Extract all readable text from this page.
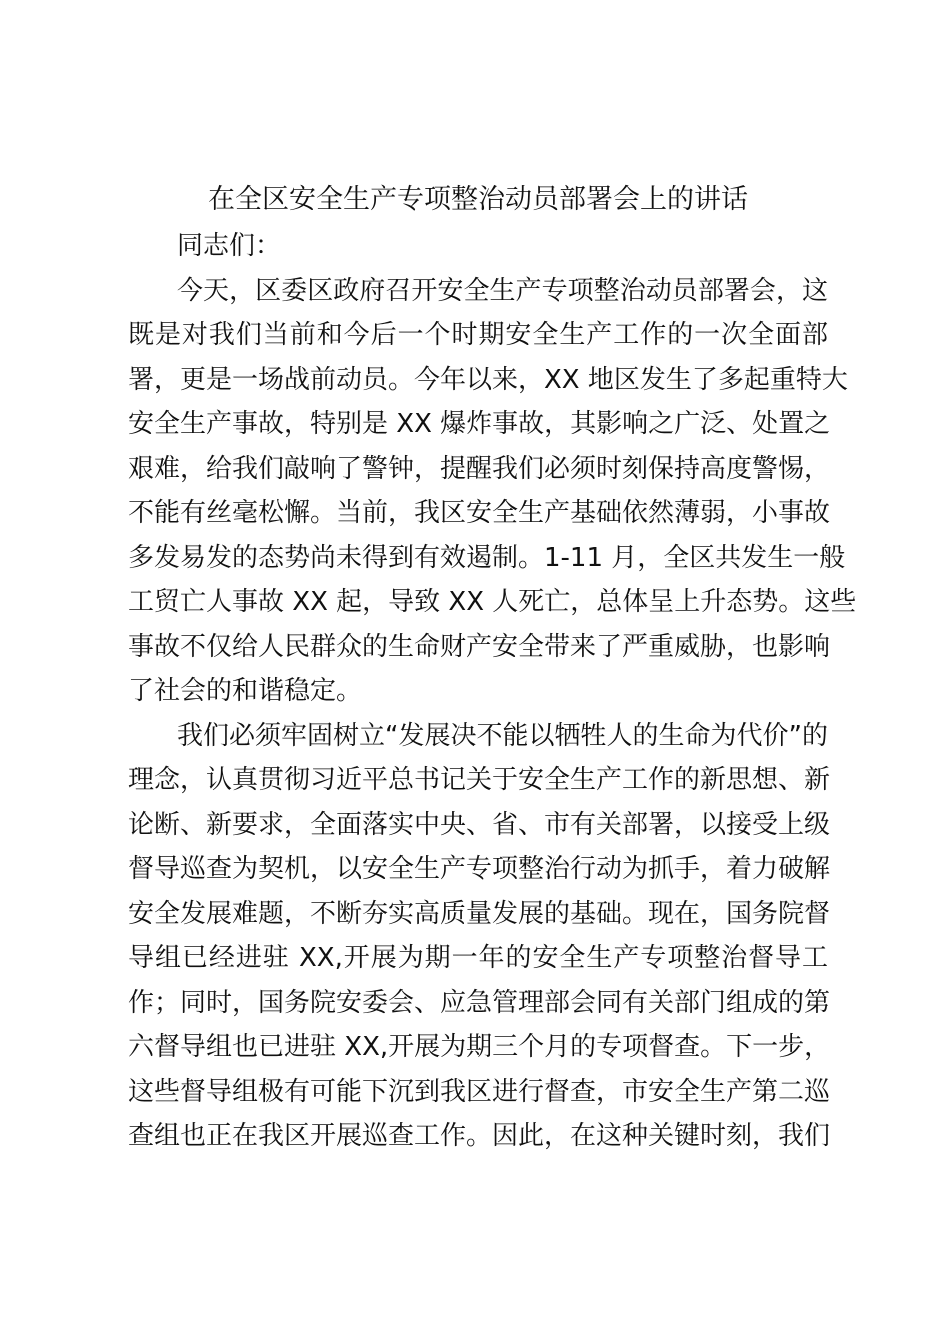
在全区安全生产专项整治动员部署会上的讲话

同志们：

今天，区委区政府召开安全生产专项整治动员部署会，这

既是对我们当前和今后一个时期安全生产工作的一次全面部

署，更是一场战前动员。今年以来，XX 地区发生了多起重特大

安全生产事故，特别是 XX 爆炸事故，其影响之广泛、处置之

艰难，给我们敲响了警钟，提醒我们必须时刻保持高度警惕，

不能有丝毫松懈。当前，我区安全生产基础依然薄弱，小事故

多发易发的态势尚未得到有效遏制。1-11 月，全区共发生一般

工贸亡人事故 XX 起，导致 XX 人死亡，总体呈上升态势。这些

事故不仅给人民群众的生命财产安全带来了严重威胁，也影响

了社会的和谐稳定。

我们必须牢固树立“发展决不能以牺牲人的生命为代价”的

理念，认真贯彻习近平总书记关于安全生产工作的新思想、新

论断、新要求，全面落实中央、省、市有关部署，以接受上级

督导巡查为契机，以安全生产专项整治行动为抓手，着力破解

安全发展难题，不断夯实高质量发展的基础。现在，国务院督

导组已经进驻 XX,开展为期一年的安全生产专项整治督导工

作；同时，国务院安委会、应急管理部会同有关部门组成的第

六督导组也已进驻 XX,开展为期三个月的专项督查。下一步，

这些督导组极有可能下沉到我区进行督查，市安全生产第二巡

查组也正在我区开展巡查工作。因此，在这种关键时刻，我们
